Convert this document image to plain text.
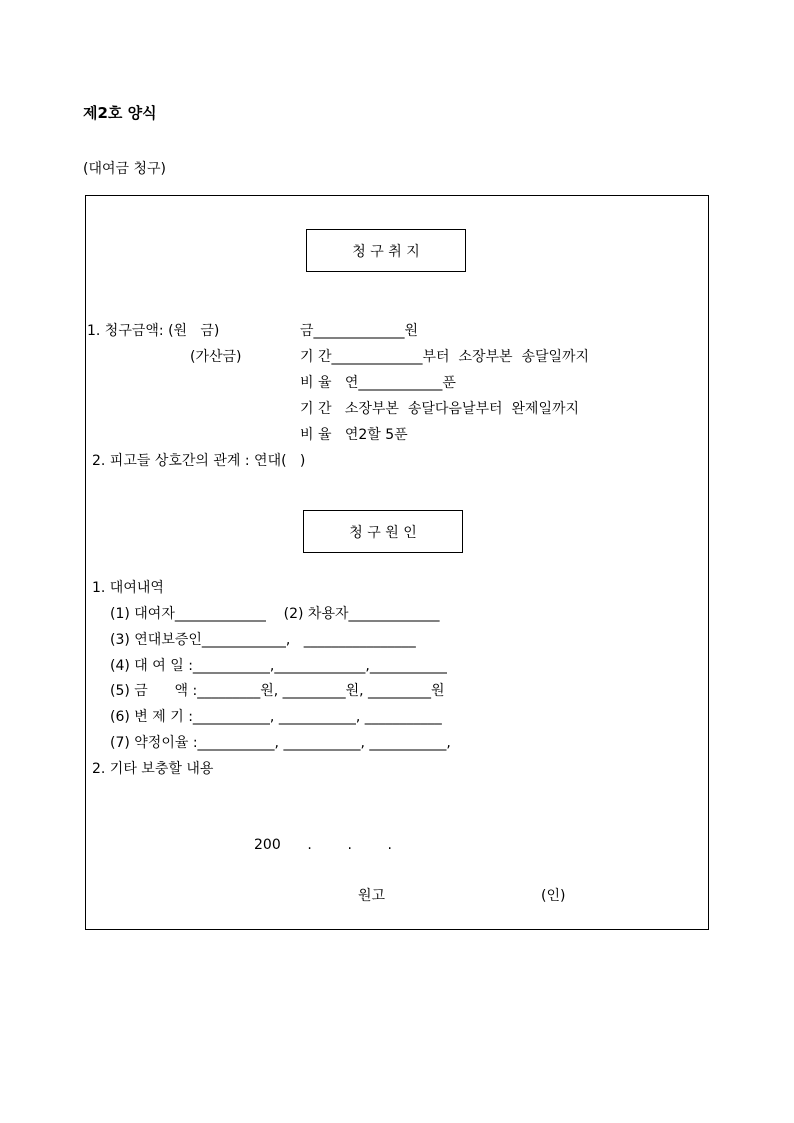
제2호 양식
(대여금 청구)
청 구 취 지
1. 청구금액: (원   금)	금_____________원
(가산금)	기 간_____________부터  소장부본  송달일까지
비 율   연____________푼
기 간   소장부본  송달다음날부터  완제일까지
비 율   연2할 5푼
2. 피고들 상호간의 관계 : 연대(   )
청 구 원 인
1. 대여내역
(1) 대여자_____________    (2) 차용자_____________
(3) 연대보증인____________,   ________________
(4) 대 여 일 :___________,_____________,___________
(5) 금      액 :_________원, _________원, _________원
(6) 변 제 기 :___________, ___________, ___________
(7) 약정이율 :___________, ___________, ___________,
2. 기타 보충할 내용
200      .        .        .
원고	(인)
